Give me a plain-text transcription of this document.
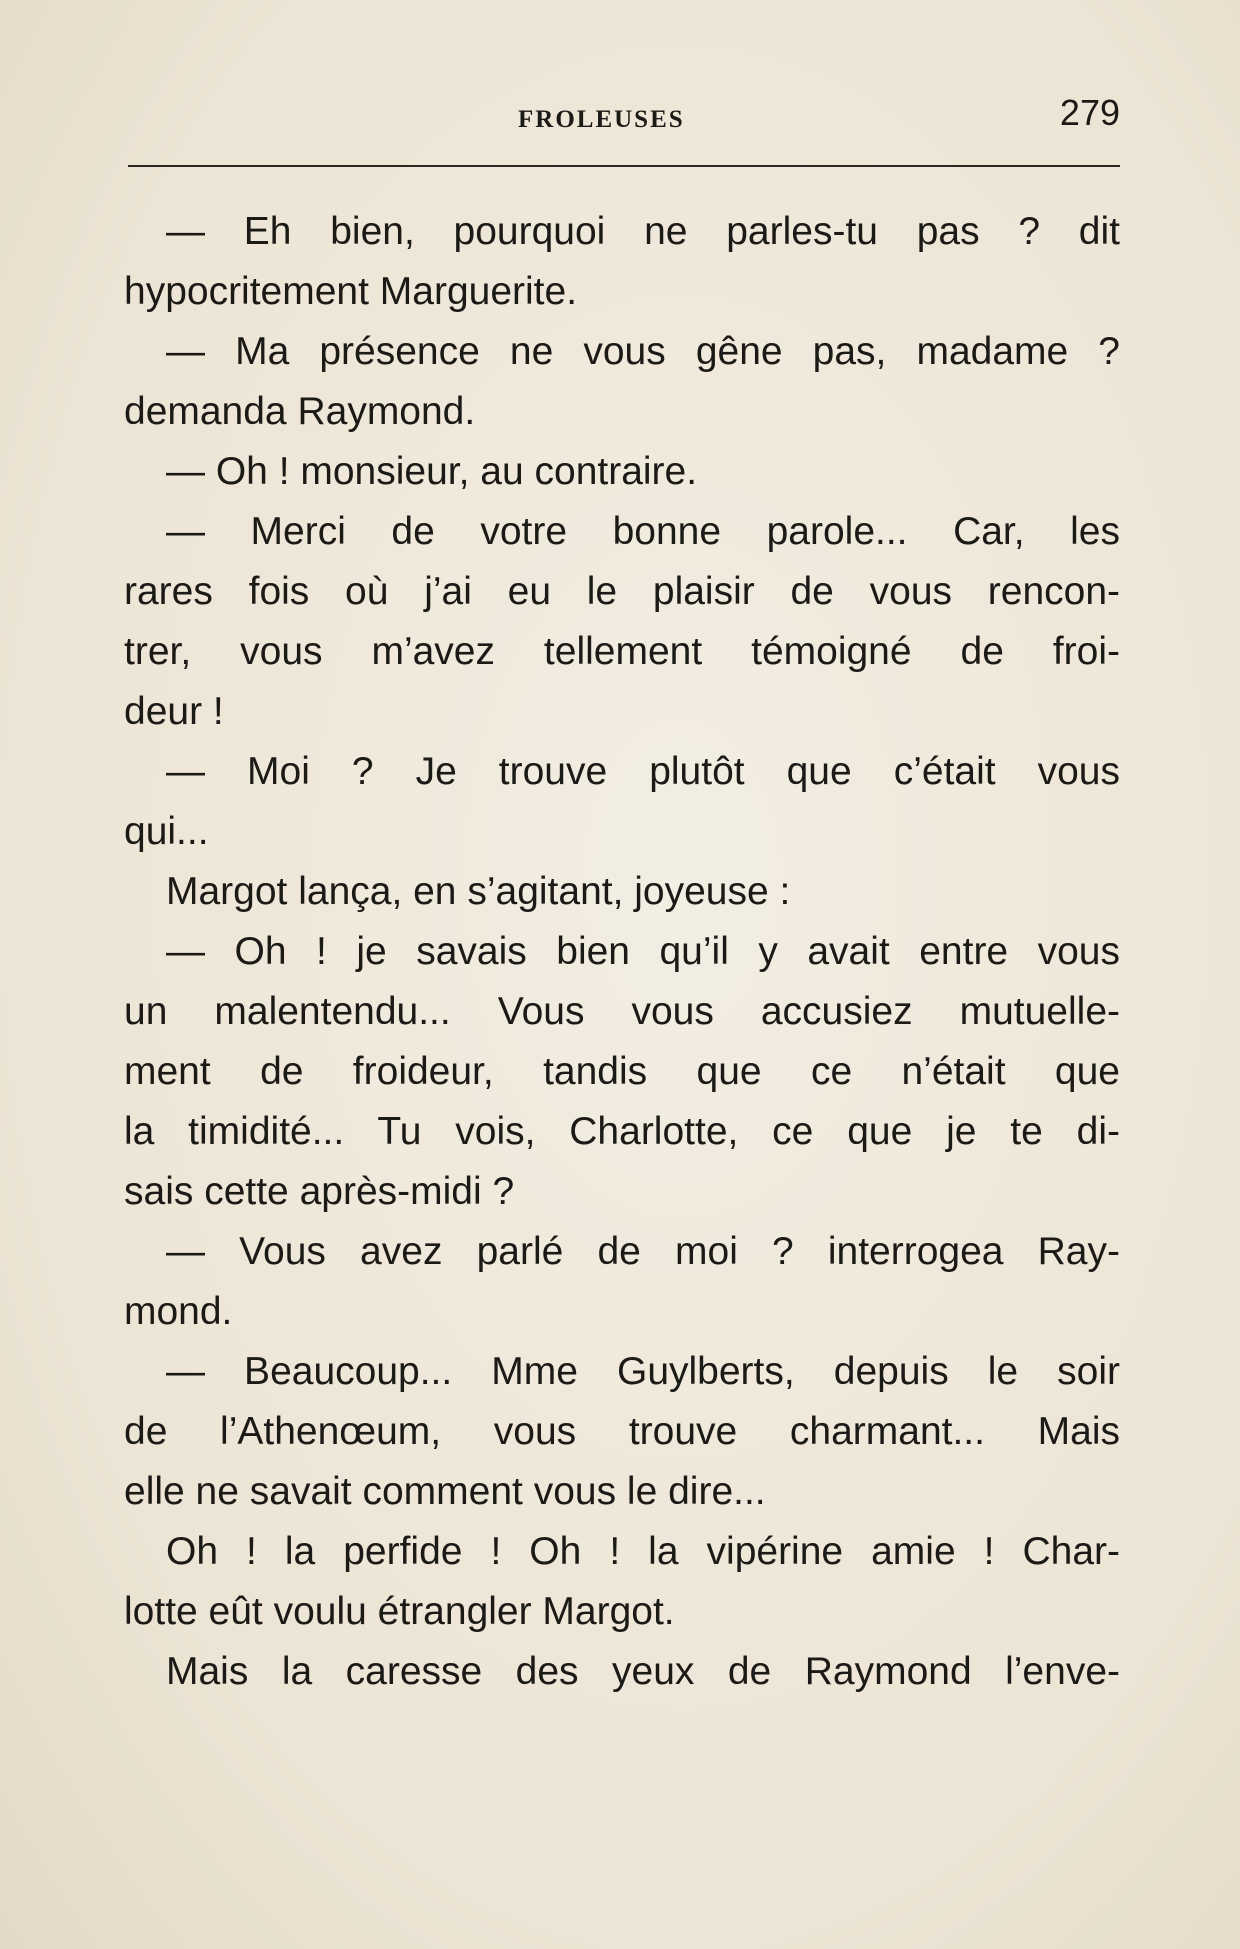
FROLEUSES	279
— Eh bien, pourquoi ne parles-tu pas ? dit
hypocritement Marguerite.
— Ma présence ne vous gêne pas, madame ?
demanda Raymond.
— Oh ! monsieur, au contraire.
— Merci de votre bonne parole... Car, les
rares fois où j’ai eu le plaisir de vous rencon-
trer, vous m’avez tellement témoigné de froi-
deur !
— Moi ? Je trouve plutôt que c’était vous
qui...
Margot lança, en s’agitant, joyeuse :
— Oh ! je savais bien qu’il y avait entre vous
un malentendu... Vous vous accusiez mutuelle-
ment de froideur, tandis que ce n’était que
la timidité... Tu vois, Charlotte, ce que je te di-
sais cette après-midi ?
— Vous avez parlé de moi ? interrogea Ray-
mond.
— Beaucoup... Mme Guylberts, depuis le soir
de l’Athenœum, vous trouve charmant... Mais
elle ne savait comment vous le dire...
Oh ! la perfide ! Oh ! la vipérine amie ! Char-
lotte eût voulu étrangler Margot.
Mais la caresse des yeux de Raymond l’enve-
